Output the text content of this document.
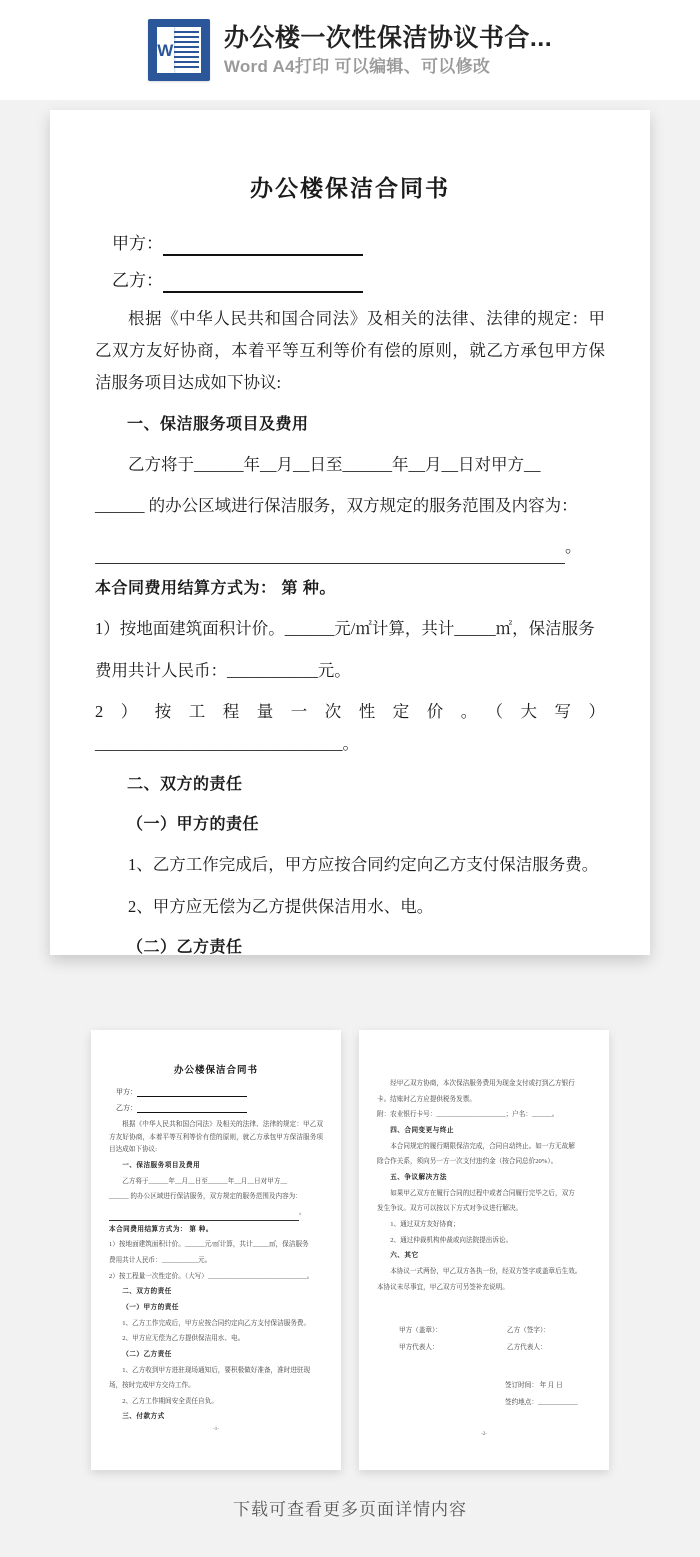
W 办公楼一次性保洁协议书合...
Word A4打印 可以编辑、可以修改
办公楼保洁合同书
甲方：
乙方：

根据《中华人民共和国合同法》及相关的法律、法律的规定：甲乙双方友好协商，本着平等互利等价有偿的原则，就乙方承包甲方保洁服务项目达成如下协议:

一、保洁服务项目及费用

乙方将于______年__月__日至______年__月__日对甲方__

______ 的办公区域进行保洁服务，双方规定的服务范围及内容为：

。

本合同费用结算方式为： 第 种。

1）按地面建筑面积计价。______元/㎡计算，共计_____㎡，保洁服务

费用共计人民币：___________元。

2）按工程量一次性定价。（大写）______________________________。

二、双方的责任

（一）甲方的责任

1、乙方工作完成后，甲方应按合同约定向乙方支付保洁服务费。

2、甲方应无偿为乙方提供保洁用水、电。

（二）乙方责任

办公楼保洁合同书
甲方：
乙方：

根据《中华人民共和国合同法》及相关的法律、法律的规定：甲乙双方友好协商，本着平等互利等价有偿的原则，就乙方承包甲方保洁服务项目达成如下协议:

一、保洁服务项目及费用

乙方将于______年__月__日至______年__月__日对甲方__

______ 的办公区域进行保洁服务，双方规定的服务范围及内容为：

。

本合同费用结算方式为： 第 种。

1）按地面建筑面积计价。______元/㎡计算，共计_____㎡，保洁服务

费用共计人民币：___________元。

2）按工程量一次性定价。（大写）______________________________。

二、双方的责任

（一）甲方的责任

1、乙方工作完成后，甲方应按合同约定向乙方支付保洁服务费。

2、甲方应无偿为乙方提供保洁用水、电。

（二）乙方责任

1、乙方收到甲方进驻现场通知后，要积极做好准备，准时进驻现

场，按时完成甲方交待工作。

2、乙方工作期间安全责任自负。

三、付款方式

-1-

经甲乙双方协商，本次保洁服务费用为现金支付或打到乙方银行

卡。结账时乙方应提供税务发票。

附：农业银行卡号：_____________________；户名：______。

四、合同变更与终止

本合同规定的履行期限保洁完成，合同自动终止。如一方无故解

除合作关系，须向另一方一次支付违约金（按合同总价20%）。

五、争议解决方法

如果甲乙双方在履行合同的过程中或者合同履行完毕之后，双方

发生争议。双方可以按以下方式对争议进行解决。

1、通过双方友好协商；

2、通过仲裁机构仲裁或向法院提出诉讼。

六、其它

本协议一式两份，甲乙双方各执一份，经双方签字或盖章后生效。

本协议未尽事宜，甲乙双方可另签补充说明。

甲方（盖章）：	乙方（签字）：
甲方代表人：	乙方代表人：
签订时间： 年 月 日
签约地点：____________
-2-
下载可查看更多页面详情内容
